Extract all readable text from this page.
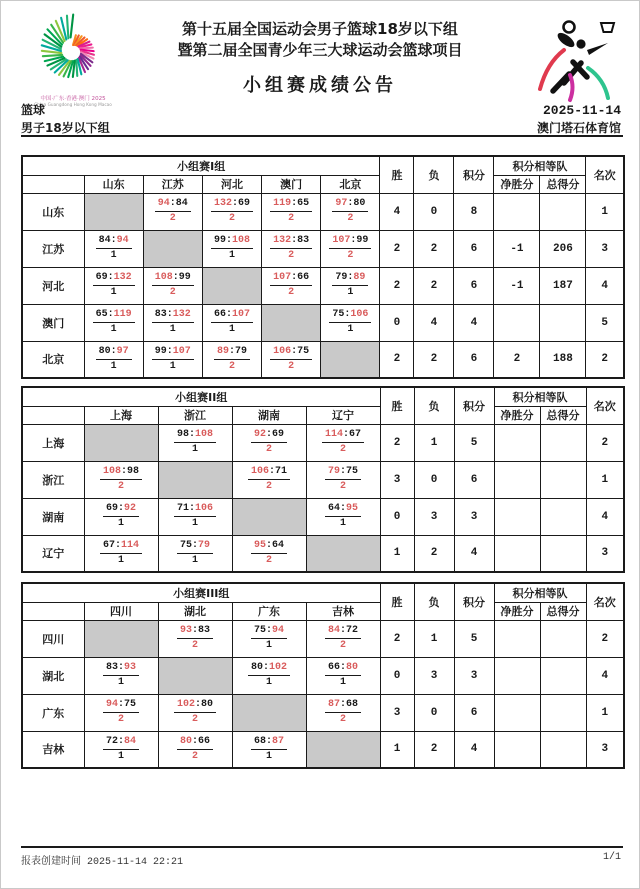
中国·广东·香港·澳门 2025
China Guangdong Hong Kong Macao
第十五届全国运动会男子篮球18岁以下组
暨第二届全国青少年三大球运动会篮球项目
小组赛成绩公告
篮球
男子18岁以下组
2025-11-14
澳门塔石体育馆
小组赛I组						胜	负	积分	积分相等队		名次
	山东	江苏	河北	澳门	北京				净胜分	总得分	
山东		$\frac{94:84}{2}$	$\frac{132:69}{2}$	$\frac{119:65}{2}$	$\frac{97:80}{2}$	4	0	8			1
江苏	$\frac{84:94}{1}$		$\frac{99:108}{1}$	$\frac{132:83}{2}$	$\frac{107:99}{2}$	2	2	6	-1	206	3
河北	$\frac{69:132}{1}$	$\frac{108:99}{2}$		$\frac{107:66}{2}$	$\frac{79:89}{1}$	2	2	6	-1	187	4
澳门	$\frac{65:119}{1}$	$\frac{83:132}{1}$	$\frac{66:107}{1}$		$\frac{75:106}{1}$	0	4	4			5
北京	$\frac{80:97}{1}$	$\frac{99:107}{1}$	$\frac{89:79}{2}$	$\frac{106:75}{2}$		2	2	6	2	188	2
小组赛II组					胜	负	积分	积分相等队		名次
	上海	浙江	湖南	辽宁				净胜分	总得分	
上海		$\frac{98:108}{1}$	$\frac{92:69}{2}$	$\frac{114:67}{2}$	2	1	5			2
浙江	$\frac{108:98}{2}$		$\frac{106:71}{2}$	$\frac{79:75}{2}$	3	0	6			1
湖南	$\frac{69:92}{1}$	$\frac{71:106}{1}$		$\frac{64:95}{1}$	0	3	3			4
辽宁	$\frac{67:114}{1}$	$\frac{75:79}{1}$	$\frac{95:64}{2}$		1	2	4			3
小组赛III组					胜	负	积分	积分相等队		名次
	四川	湖北	广东	吉林				净胜分	总得分	
四川		$\frac{93:83}{2}$	$\frac{75:94}{1}$	$\frac{84:72}{2}$	2	1	5			2
湖北	$\frac{83:93}{1}$		$\frac{80:102}{1}$	$\frac{66:80}{1}$	0	3	3			4
广东	$\frac{94:75}{2}$	$\frac{102:80}{2}$		$\frac{87:68}{2}$	3	0	6			1
吉林	$\frac{72:84}{1}$	$\frac{80:66}{2}$	$\frac{68:87}{1}$		1	2	4			3
报表创建时间 2025-11-14 22:21	1/1
